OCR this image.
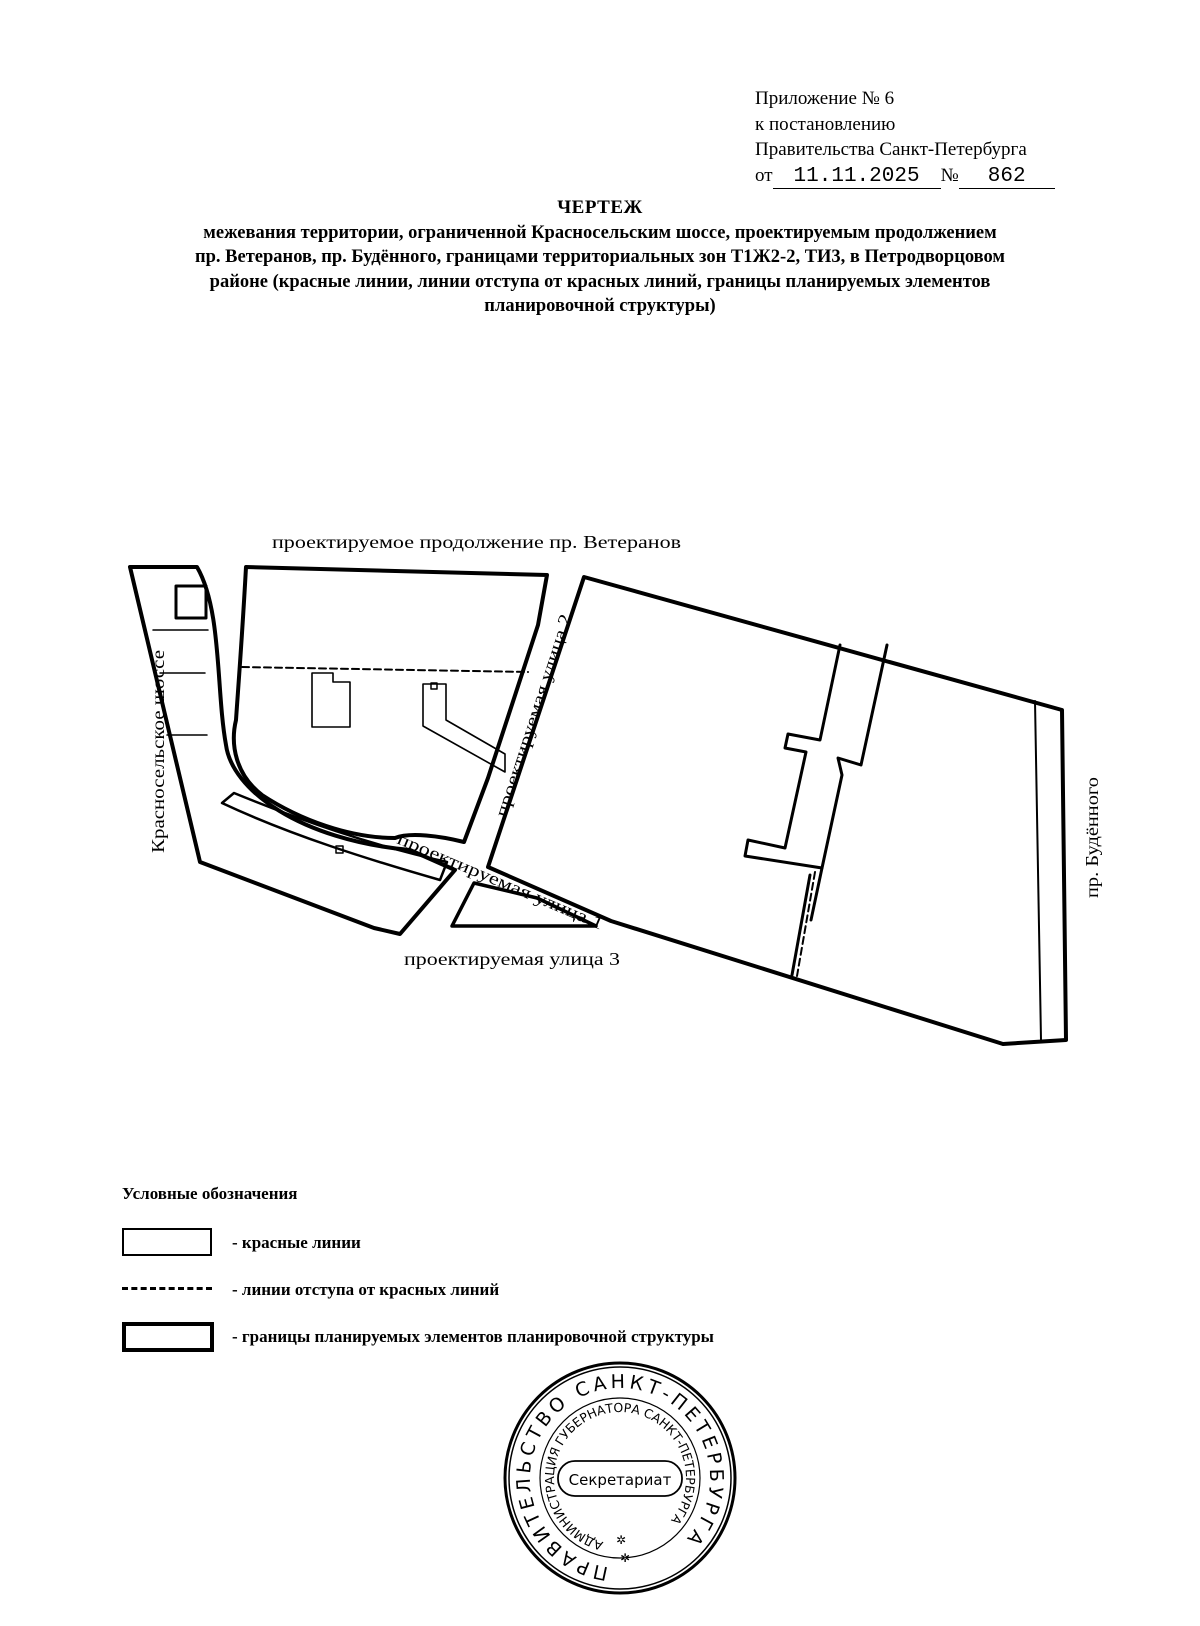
Приложение № 6
к постановлению
Правительства Санкт-Петербурга
от 11.11.2025 № 862
ЧЕРТЕЖ
межевания территории, ограниченной Красносельским шоссе, проектируемым продолжением
пр. Ветеранов, пр. Будённого, границами территориальных зон Т1Ж2-2, ТИ3, в Петродворцовом
районе (красные линии, линии отступа от красных линий, границы планируемых элементов
планировочной структуры)
проектируемое продолжение пр. Ветеранов
Красносельское шоссе	проектируемая улица 2
проектируемая улица 1
проектируемая улица 3
пр. Будённого
Условные обозначения
- красные линии
- линии отступа от красных линий
- границы планируемых элементов планировочной структуры
ПРАВИТЕЛЬСТВО САНКТ-ПЕТЕРБУРГА
АДМИНИСТРАЦИЯ ГУБЕРНАТОРА САНКТ-ПЕТЕРБУРГА
Секретариат
✲
✲
